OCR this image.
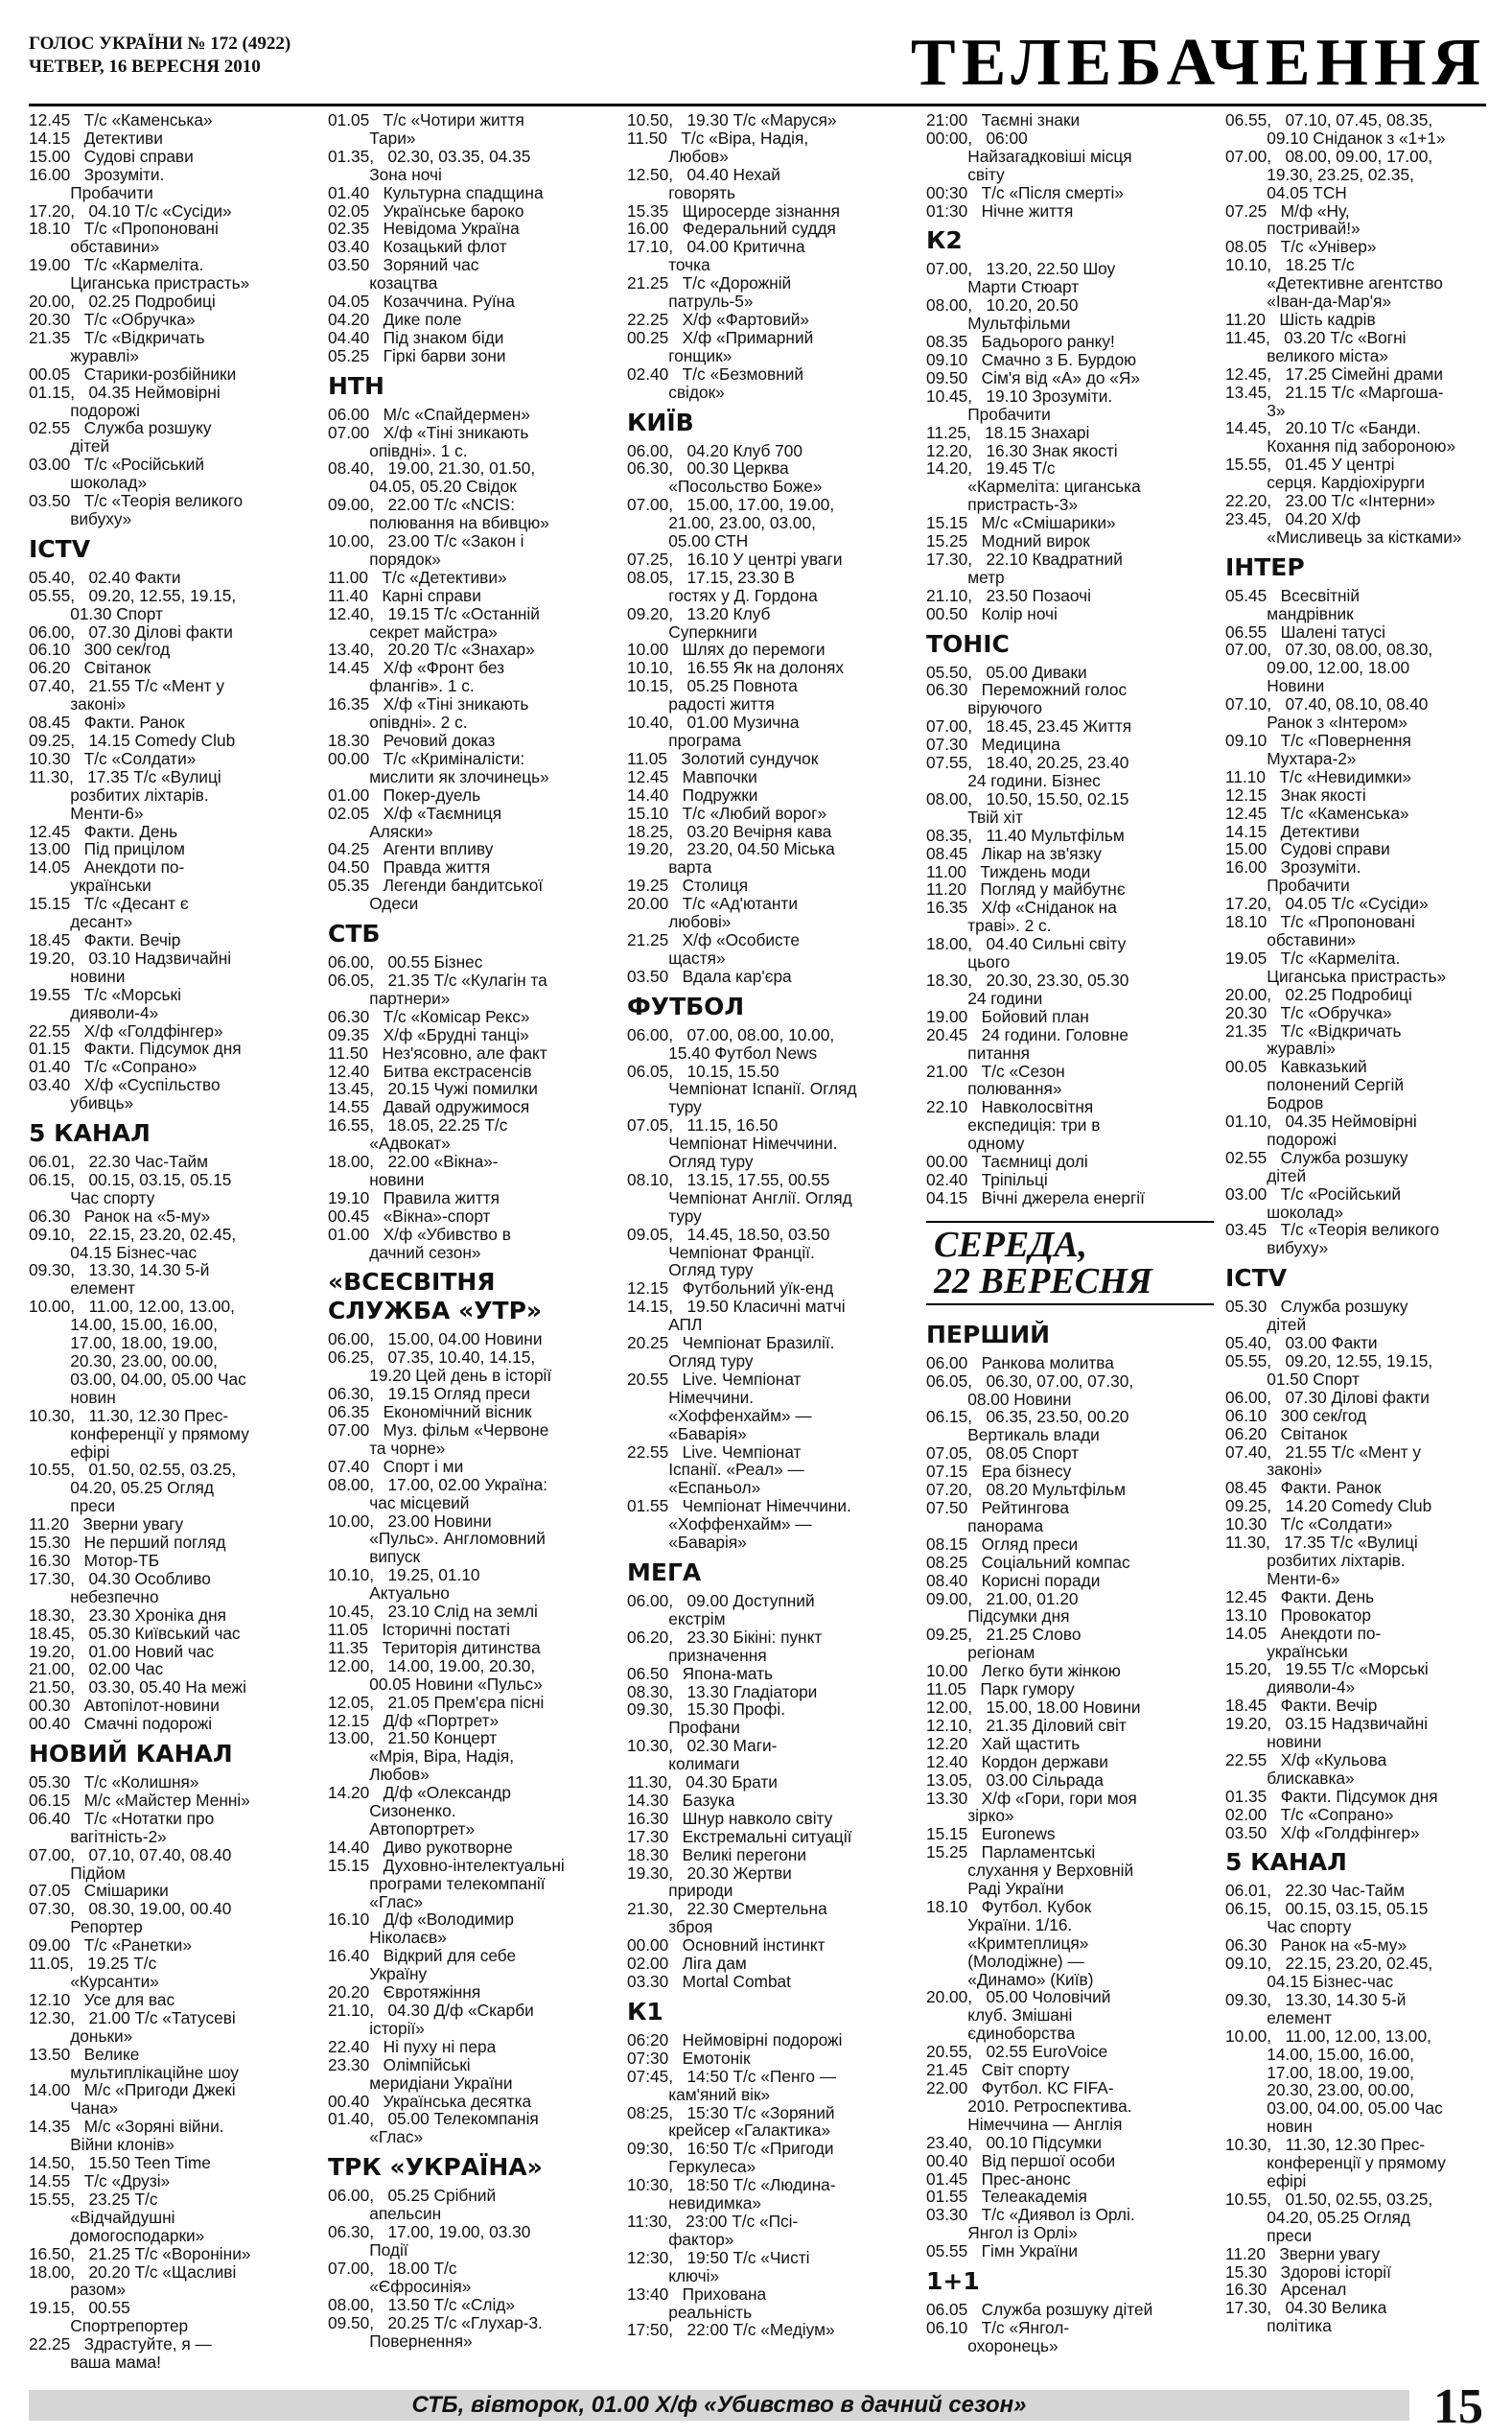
ГОЛОС УКРАЇНИ № 172 (4922)
ЧЕТВЕР, 16 ВЕРЕСНЯ 2010	ТЕЛЕБАЧЕННЯ
12.45   Т/с «Каменська»
14.15   Детективи
15.00   Судові справи
16.00   Зрозуміти.
Пробачити
17.20,   04.10 Т/с «Сусіди»
18.10   Т/с «Пропоновані
обставини»
19.00   Т/с «Кармеліта.
Циганська пристрасть»
20.00,   02.25 Подробиці
20.30   Т/с «Обручка»
21.35   Т/с «Відкричать
журавлі»
00.05   Старики-розбійники
01.15,   04.35 Неймовірні
подорожі
02.55   Служба розшуку
дітей
03.00   Т/с «Російський
шоколад»
03.50   Т/с «Теорія великого
вибуху»
ICTV
05.40,   02.40 Факти
05.55,   09.20, 12.55, 19.15,
01.30 Спорт
06.00,   07.30 Ділові факти
06.10   300 сек/год
06.20   Світанок
07.40,   21.55 Т/с «Мент у
законі»
08.45   Факти. Ранок
09.25,   14.15 Comedy Club
10.30   Т/с «Солдати»
11.30,   17.35 Т/с «Вулиці
розбитих ліхтарів.
Менти-6»
12.45   Факти. День
13.00   Під прицілом
14.05   Анекдоти по-
українськи
15.15   Т/с «Десант є
десант»
18.45   Факти. Вечір
19.20,   03.10 Надзвичайні
новини
19.55   Т/с «Морські
дияволи-4»
22.55   Х/ф «Голдфінгер»
01.15   Факти. Підсумок дня
01.40   Т/с «Сопрано»
03.40   Х/ф «Суспільство
убивць»
5 КАНАЛ
06.01,   22.30 Час-Тайм
06.15,   00.15, 03.15, 05.15
Час спорту
06.30   Ранок на «5-му»
09.10,   22.15, 23.20, 02.45,
04.15 Бізнес-час
09.30,   13.30, 14.30 5-й
елемент
10.00,   11.00, 12.00, 13.00,
14.00, 15.00, 16.00,
17.00, 18.00, 19.00,
20.30, 23.00, 00.00,
03.00, 04.00, 05.00 Час
новин
10.30,   11.30, 12.30 Прес-
конференції у прямому
ефірі
10.55,   01.50, 02.55, 03.25,
04.20, 05.25 Огляд
преси
11.20   Зверни увагу
15.30   Не перший погляд
16.30   Мотор-ТБ
17.30,   04.30 Особливо
небезпечно
18.30,   23.30 Хроніка дня
18.45,   05.30 Київський час
19.20,   01.00 Новий час
21.00,   02.00 Час
21.50,   03.30, 05.40 На межі
00.30   Автопілот-новини
00.40   Смачні подорожі
НОВИЙ КАНАЛ
05.30   Т/с «Колишня»
06.15   М/с «Майстер Менні»
06.40   Т/с «Нотатки про
вагітність-2»
07.00,   07.10, 07.40, 08.40
Підйом
07.05   Смішарики
07.30,   08.30, 19.00, 00.40
Репортер
09.00   Т/с «Ранетки»
11.05,   19.25 Т/с
«Курсанти»
12.10   Усе для вас
12.30,   21.00 Т/с «Татусеві
доньки»
13.50   Велике
мультиплікаційне шоу
14.00   М/с «Пригоди Джекі
Чана»
14.35   М/с «Зоряні війни.
Війни клонів»
14.50,   15.50 Teen Time
14.55   Т/с «Друзі»
15.55,   23.25 Т/с
«Відчайдушні
домогосподарки»
16.50,   21.25 Т/с «Вороніни»
18.00,   20.20 Т/с «Щасливі
разом»
19.15,   00.55
Спортрепортер
22.25   Здрастуйте, я —
ваша мама!
01.05   Т/с «Чотири життя
Тари»
01.35,   02.30, 03.35, 04.35
Зона ночі
01.40   Культурна спадщина
02.05   Українське бароко
02.35   Невідома Україна
03.40   Козацький флот
03.50   Зоряний час
козацтва
04.05   Козаччина. Руїна
04.20   Дике поле
04.40   Під знаком біди
05.25   Гіркі барви зони
НТН
06.00   М/с «Спайдермен»
07.00   Х/ф «Тіні зникають
опівдні». 1 с.
08.40,   19.00, 21.30, 01.50,
04.05, 05.20 Свідок
09.00,   22.00 Т/с «NCIS:
полювання на вбивцю»
10.00,   23.00 Т/с «Закон і
порядок»
11.00   Т/с «Детективи»
11.40   Карні справи
12.40,   19.15 Т/с «Останній
секрет майстра»
13.40,   20.20 Т/с «Знахар»
14.45   Х/ф «Фронт без
флангів». 1 с.
16.35   Х/ф «Тіні зникають
опівдні». 2 с.
18.30   Речовий доказ
00.00   Т/с «Криміналісти:
мислити як злочинець»
01.00   Покер-дуель
02.05   Х/ф «Таємниця
Аляски»
04.25   Агенти впливу
04.50   Правда життя
05.35   Легенди бандитської
Одеси
СТБ
06.00,   00.55 Бізнес
06.05,   21.35 Т/с «Кулагін та
партнери»
06.30   Т/с «Комісар Рекс»
09.35   Х/ф «Брудні танці»
11.50   Нез'ясовно, але факт
12.40   Битва екстрасенсів
13.45,   20.15 Чужі помилки
14.55   Давай одружимося
16.55,   18.05, 22.25 Т/с
«Адвокат»
18.00,   22.00 «Вікна»-
новини
19.10   Правила життя
00.45   «Вікна»-спорт
01.00   Х/ф «Убивство в
дачний сезон»
«ВСЕСВІТНЯ СЛУЖБА «УТР»
06.00,   15.00, 04.00 Новини
06.25,   07.35, 10.40, 14.15,
19.20 Цей день в історії
06.30,   19.15 Огляд преси
06.35   Економічний вісник
07.00   Муз. фільм «Червоне
та чорне»
07.40   Спорт і ми
08.00,   17.00, 02.00 Україна:
час місцевий
10.00,   23.00 Новини
«Пульс». Англомовний
випуск
10.10,   19.25, 01.10
Актуально
10.45,   23.10 Слід на землі
11.05   Історичні постаті
11.35   Територія дитинства
12.00,   14.00, 19.00, 20.30,
00.05 Новини «Пульс»
12.05,   21.05 Прем'єра пісні
12.15   Д/ф «Портрет»
13.00,   21.50 Концерт
«Мрія, Віра, Надія,
Любов»
14.20   Д/ф «Олександр
Сизоненко.
Автопортрет»
14.40   Диво рукотворне
15.15   Духовно-інтелектуальні
програми телекомпанії
«Глас»
16.10   Д/ф «Володимир
Ніколаєв»
16.40   Відкрий для себе
Україну
20.20   Євротяжіння
21.10,   04.30 Д/ф «Скарби
історії»
22.40   Ні пуху ні пера
23.30   Олімпійські
меридіани України
00.40   Українська десятка
01.40,   05.00 Телекомпанія
«Глас»
ТРК «УКРАЇНА»
06.00,   05.25 Срібний
апельсин
06.30,   17.00, 19.00, 03.30
Події
07.00,   18.00 Т/с
«Єфросинія»
08.00,   13.50 Т/с «Слід»
09.50,   20.25 Т/с «Глухар-3.
Повернення»
10.50,   19.30 Т/с «Маруся»
11.50   Т/с «Віра, Надія,
Любов»
12.50,   04.40 Нехай
говорять
15.35   Щиросерде зізнання
16.00   Федеральний суддя
17.10,   04.00 Критична
точка
21.25   Т/с «Дорожній
патруль-5»
22.25   Х/ф «Фартовий»
00.25   Х/ф «Примарний
гонщик»
02.40   Т/с «Безмовний
свідок»
КИЇВ
06.00,   04.20 Клуб 700
06.30,   00.30 Церква
«Посольство Боже»
07.00,   15.00, 17.00, 19.00,
21.00, 23.00, 03.00,
05.00 СТН
07.25,   16.10 У центрі уваги
08.05,   17.15, 23.30 В
гостях у Д. Гордона
09.20,   13.20 Клуб
Суперкниги
10.00   Шлях до перемоги
10.10,   16.55 Як на долонях
10.15,   05.25 Повнота
радості життя
10.40,   01.00 Музична
програма
11.05   Золотий сундучок
12.45   Мавпочки
14.40   Подружки
15.10   Т/с «Любий ворог»
18.25,   03.20 Вечірня кава
19.20,   23.20, 04.50 Міська
варта
19.25   Столиця
20.00   Т/с «Ад'ютанти
любові»
21.25   Х/ф «Особисте
щастя»
03.50   Вдала кар'єра
ФУТБОЛ
06.00,   07.00, 08.00, 10.00,
15.40 Футбол News
06.05,   10.15, 15.50
Чемпіонат Іспанії. Огляд
туру
07.05,   11.15, 16.50
Чемпіонат Німеччини.
Огляд туру
08.10,   13.15, 17.55, 00.55
Чемпіонат Англії. Огляд
туру
09.05,   14.45, 18.50, 03.50
Чемпіонат Франції.
Огляд туру
12.15   Футбольний уїк-енд
14.15,   19.50 Класичні матчі
АПЛ
20.25   Чемпіонат Бразилії.
Огляд туру
20.55   Live. Чемпіонат
Німеччини.
«Хоффенхайм» —
«Баварія»
22.55   Live. Чемпіонат
Іспанії. «Реал» —
«Еспаньол»
01.55   Чемпіонат Німеччини.
«Хоффенхайм» —
«Баварія»
МЕГА
06.00,   09.00 Доступний
екстрім
06.20,   23.30 Бікіні: пункт
призначення
06.50   Японa-мать
08.30,   13.30 Гладіатори
09.30,   15.30 Профі.
Профани
10.30,   02.30 Маги-
колимаги
11.30,   04.30 Брати
14.30   Базука
16.30   Шнур навколо світу
17.30   Екстремальні ситуації
18.30   Великі перегони
19.30,   20.30 Жертви
природи
21.30,   22.30 Смертельна
зброя
00.00   Основний інстинкт
02.00   Ліга дам
03.30   Mortal Combat
К1
06:20   Неймовірні подорожі
07:30   Емотонік
07:45,   14:50 Т/с «Пенго —
кам'яний вік»
08:25,   15:30 Т/с «Зоряний
крейсер «Галактика»
09:30,   16:50 Т/с «Пригоди
Геркулеса»
10:30,   18:50 Т/с «Людина-
невидимка»
11:30,   23:00 Т/с «Псі-
фактор»
12:30,   19:50 Т/с «Чисті
ключі»
13:40   Прихована
реальність
17:50,   22:00 Т/с «Медіум»
21:00   Таємні знаки
00:00,   06:00
Найзагадковіші місця
світу
00:30   Т/с «Після смерті»
01:30   Нічне життя
К2
07.00,   13.20, 22.50 Шоу
Марти Стюарт
08.00,   10.20, 20.50
Мультфільми
08.35   Бадьорого ранку!
09.10   Смачно з Б. Бурдою
09.50   Сім'я від «А» до «Я»
10.45,   19.10 Зрозуміти.
Пробачити
11.25,   18.15 Знахарі
12.20,   16.30 Знак якості
14.20,   19.45 Т/с
«Кармеліта: циганська
пристрасть-3»
15.15   М/с «Смішарики»
15.25   Модний вирок
17.30,   22.10 Квадратний
метр
21.10,   23.50 Позаочі
00.50   Колір ночі
ТОНІС
05.50,   05.00 Диваки
06.30   Переможний голос
віруючого
07.00,   18.45, 23.45 Життя
07.30   Медицина
07.55,   18.40, 20.25, 23.40
24 години. Бізнес
08.00,   10.50, 15.50, 02.15
Твій хіт
08.35,   11.40 Мультфільм
08.45   Лікар на зв'язку
11.00   Тиждень моди
11.20   Погляд у майбутнє
16.35   Х/ф «Сніданок на
траві». 2 с.
18.00,   04.40 Сильні світу
цього
18.30,   20.30, 23.30, 05.30
24 години
19.00   Бойовий план
20.45   24 години. Головне
питання
21.00   Т/с «Сезон
полювання»
22.10   Навколосвітня
експедиція: три в
одному
00.00   Таємниці долі
02.40   Тріпільці
04.15   Вічні джерела енергії
СЕРЕДА,
22 ВЕРЕСНЯ
ПЕРШИЙ
06.00   Ранкова молитва
06.05,   06.30, 07.00, 07.30,
08.00 Новини
06.15,   06.35, 23.50, 00.20
Вертикаль влади
07.05,   08.05 Спорт
07.15   Ера бізнесу
07.20,   08.20 Мультфільм
07.50   Рейтингова
панорама
08.15   Огляд преси
08.25   Соціальний компас
08.40   Корисні поради
09.00,   21.00, 01.20
Підсумки дня
09.25,   21.25 Слово
регіонам
10.00   Легко бути жінкою
11.05   Парк гумору
12.00,   15.00, 18.00 Новини
12.10,   21.35 Діловий світ
12.20   Хай щастить
12.40   Кордон держави
13.05,   03.00 Сільрада
13.30   Х/ф «Гори, гори моя
зірко»
15.15   Euronews
15.25   Парламентські
слухання у Верховній
Раді України
18.10   Футбол. Кубок
України. 1/16.
«Кримтеплиця»
(Молодіжне) —
«Динамо» (Київ)
20.00,   05.00 Чоловічий
клуб. Змішані
єдиноборства
20.55,   02.55 EuroVoice
21.45   Світ спорту
22.00   Футбол. КС FIFA-
2010. Ретроспектива.
Німеччина — Англія
23.40,   00.10 Підсумки
00.40   Від першої особи
01.45   Прес-анонс
01.55   Телеакадемія
03.30   Т/с «Диявол із Орлі.
Янгол із Орлі»
05.55   Гімн України
1+1
06.05   Служба розшуку дітей
06.10   Т/с «Янгол-
охоронець»
06.55,   07.10, 07.45, 08.35,
09.10 Сніданок з «1+1»
07.00,   08.00, 09.00, 17.00,
19.30, 23.25, 02.35,
04.05 ТСН
07.25   М/ф «Ну,
постривай!»
08.05   Т/с «Універ»
10.10,   18.25 Т/с
«Детективне агентство
«Іван-да-Мар'я»
11.20   Шість кадрів
11.45,   03.20 Т/с «Вогні
великого міста»
12.45,   17.25 Сімейні драми
13.45,   21.15 Т/с «Маргоша-
3»
14.45,   20.10 Т/с «Банди.
Кохання під забороною»
15.55,   01.45 У центрі
серця. Кардіохірурги
22.20,   23.00 Т/с «Інтерни»
23.45,   04.20 Х/ф
«Мисливець за кістками»
ІНТЕР
05.45   Всесвітній
мандрівник
06.55   Шалені татусі
07.00,   07.30, 08.00, 08.30,
09.00, 12.00, 18.00
Новини
07.10,   07.40, 08.10, 08.40
Ранок з «Інтером»
09.10   Т/с «Повернення
Мухтара-2»
11.10   Т/с «Невидимки»
12.15   Знак якості
12.45   Т/с «Каменська»
14.15   Детективи
15.00   Судові справи
16.00   Зрозуміти.
Пробачити
17.20,   04.05 Т/с «Сусіди»
18.10   Т/с «Пропоновані
обставини»
19.05   Т/с «Кармеліта.
Циганська пристрасть»
20.00,   02.25 Подробиці
20.30   Т/с «Обручка»
21.35   Т/с «Відкричать
журавлі»
00.05   Кавказький
полонений Сергій
Бодров
01.10,   04.35 Неймовірні
подорожі
02.55   Служба розшуку
дітей
03.00   Т/с «Російський
шоколад»
03.45   Т/с «Теорія великого
вибуху»
ICTV
05.30   Служба розшуку
дітей
05.40,   03.00 Факти
05.55,   09.20, 12.55, 19.15,
01.50 Спорт
06.00,   07.30 Ділові факти
06.10   300 сек/год
06.20   Світанок
07.40,   21.55 Т/с «Мент у
законі»
08.45   Факти. Ранок
09.25,   14.20 Comedy Club
10.30   Т/с «Солдати»
11.30,   17.35 Т/с «Вулиці
розбитих ліхтарів.
Менти-6»
12.45   Факти. День
13.10   Провокатор
14.05   Анекдоти по-
українськи
15.20,   19.55 Т/с «Морські
дияволи-4»
18.45   Факти. Вечір
19.20,   03.15 Надзвичайні
новини
22.55   Х/ф «Кульова
блискавка»
01.35   Факти. Підсумок дня
02.00   Т/с «Сопрано»
03.50   Х/ф «Голдфінгер»
5 КАНАЛ
06.01,   22.30 Час-Тайм
06.15,   00.15, 03.15, 05.15
Час спорту
06.30   Ранок на «5-му»
09.10,   22.15, 23.20, 02.45,
04.15 Бізнес-час
09.30,   13.30, 14.30 5-й
елемент
10.00,   11.00, 12.00, 13.00,
14.00, 15.00, 16.00,
17.00, 18.00, 19.00,
20.30, 23.00, 00.00,
03.00, 04.00, 05.00 Час
новин
10.30,   11.30, 12.30 Прес-
конференції у прямому
ефірі
10.55,   01.50, 02.55, 03.25,
04.20, 05.25 Огляд
преси
11.20   Зверни увагу
15.30   Здорові історії
16.30   Арсенал
17.30,   04.30 Велика
політика
СТБ, вівторок, 01.00 Х/ф «Убивство в дачний сезон»	15
